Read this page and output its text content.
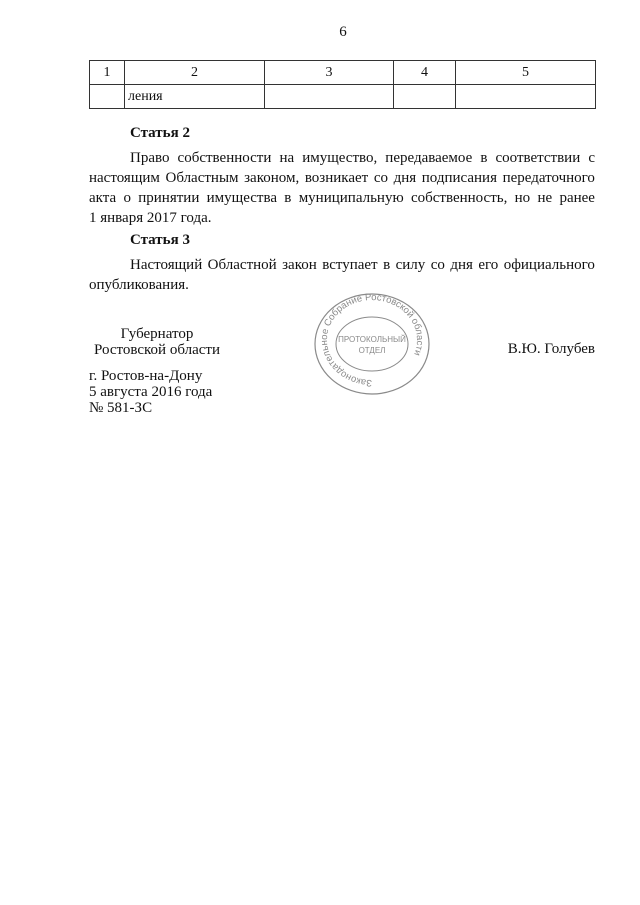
6
1	2	3	4	5
	ления			
Статья 2
Право собственности на имущество, передаваемое в соответствии с
настоящим Областным законом, возникает со дня подписания передаточного
акта о принятии имущества в муниципальную собственность, но не ранее
1 января 2017 года.
Статья 3
Настоящий Областной закон вступает в силу со дня его официального
опубликования.
Губернатор
Ростовской области	В.Ю. Голубев
г. Ростов-на-Дону
5 августа 2016 года
№ 581-ЗС
Законодательное Собрание Ростовской области
ПРОТОКОЛЬНЫЙ
ОТДЕЛ
